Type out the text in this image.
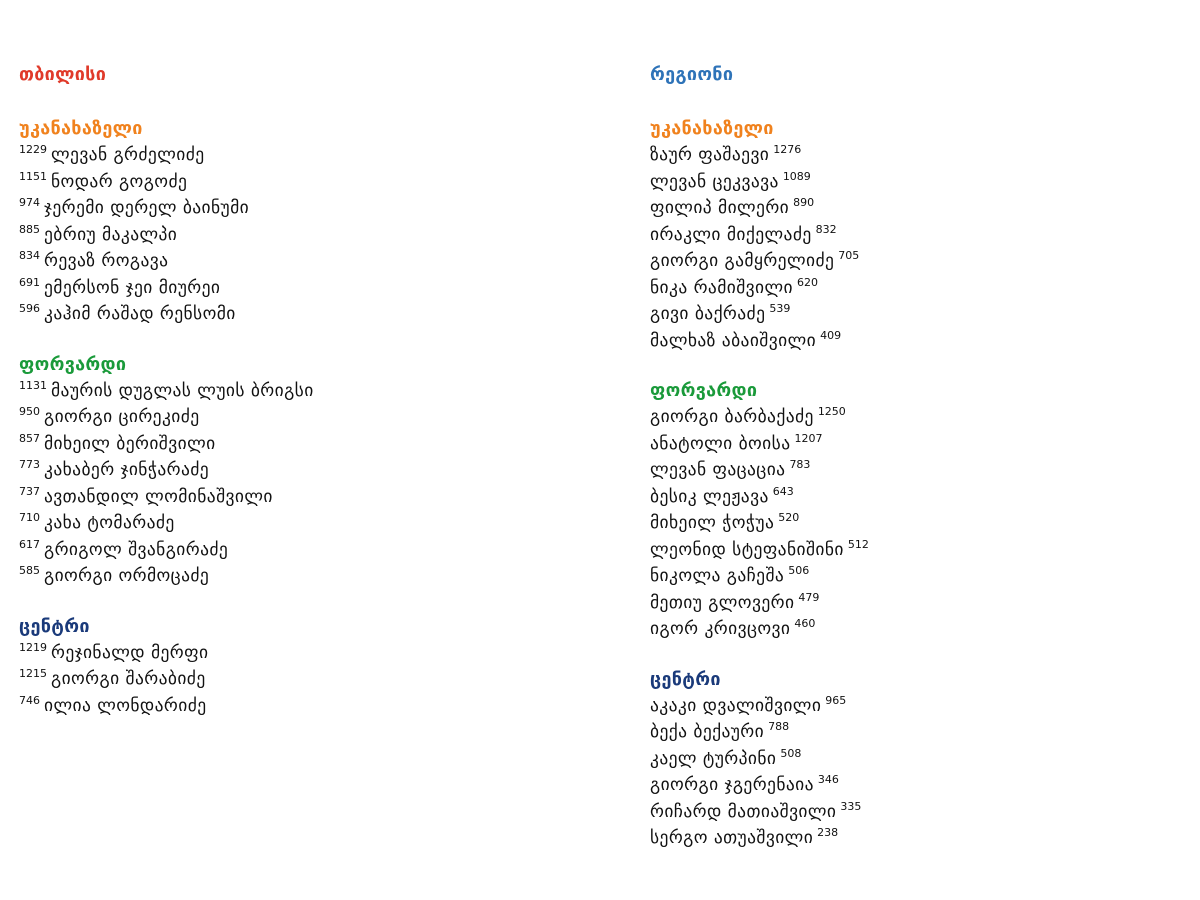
თბილისი
უკანახაზელი
$^{1229}$ ლევან გრძელიძე
$^{1151}$ ნოდარ გოგოძე
$^{974}$ ჯერემი დერელ ბაინუმი
$^{885}$ ებრიუ მაკალპი
$^{834}$ რევაზ როგავა
$^{691}$ ემერსონ ჯეი მიურეი
$^{596}$ კაჰიმ რაშად რენსომი
ფორვარდი
$^{1131}$ მაურის დუგლას ლუის ბრიგსი
$^{950}$ გიორგი ცირეკიძე
$^{857}$ მიხეილ ბერიშვილი
$^{773}$ კახაბერ ჯინჭარაძე
$^{737}$ ავთანდილ ლომინაშვილი
$^{710}$ კახა ტომარაძე
$^{617}$ გრიგოლ შვანგირაძე
$^{585}$ გიორგი ორმოცაძე
ცენტრი
$^{1219}$ რეჯინალდ მერფი
$^{1215}$ გიორგი შარაბიძე
$^{746}$ ილია ლონდარიძე
რეგიონი
უკანახაზელი
ზაურ ფაშაევი $^{1276}$
ლევან ცეკვავა $^{1089}$
ფილიპ მილერი $^{890}$
ირაკლი მიქელაძე $^{832}$
გიორგი გამყრელიძე $^{705}$
ნიკა რამიშვილი $^{620}$
გივი ბაქრაძე $^{539}$
მალხაზ აბაიშვილი $^{409}$
ფორვარდი
გიორგი ბარბაქაძე $^{1250}$
ანატოლი ბოისა $^{1207}$
ლევან ფაცაცია $^{783}$
ბესიკ ლეჟავა $^{643}$
მიხეილ ჭოჭუა $^{520}$
ლეონიდ სტეფანიშინი $^{512}$
ნიკოლა გაჩეშა $^{506}$
მეთიუ გლოვერი $^{479}$
იგორ კრივცოვი $^{460}$
ცენტრი
აკაკი დვალიშვილი $^{965}$
ბექა ბექაური $^{788}$
კაელ ტურპინი $^{508}$
გიორგი ჯგერენაია $^{346}$
რიჩარდ მათიაშვილი $^{335}$
სერგო ათუაშვილი $^{238}$
